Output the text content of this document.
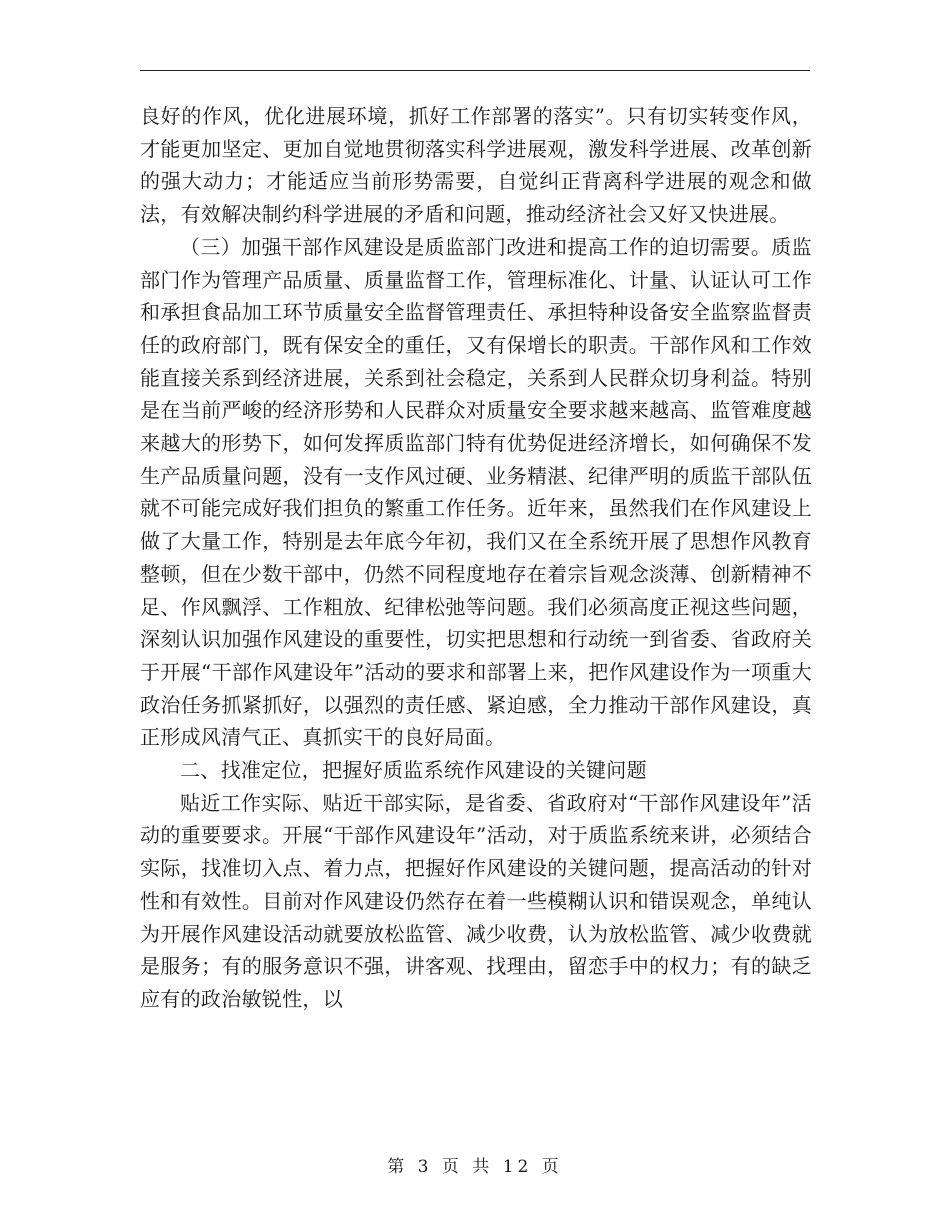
良好的作风，优化进展环境，抓好工作部署的落实”。只有切实转变作风，才能更加坚定、更加自觉地贯彻落实科学进展观，激发科学进展、改革创新的强大动力；才能适应当前形势需要，自觉纠正背离科学进展的观念和做法，有效解决制约科学进展的矛盾和问题，推动经济社会又好又快进展。

（三）加强干部作风建设是质监部门改进和提高工作的迫切需要。质监部门作为管理产品质量、质量监督工作，管理标准化、计量、认证认可工作和承担食品加工环节质量安全监督管理责任、承担特种设备安全监察监督责任的政府部门，既有保安全的重任，又有保增长的职责。干部作风和工作效能直接关系到经济进展，关系到社会稳定，关系到人民群众切身利益。特别是在当前严峻的经济形势和人民群众对质量安全要求越来越高、监管难度越来越大的形势下，如何发挥质监部门特有优势促进经济增长，如何确保不发生产品质量问题，没有一支作风过硬、业务精湛、纪律严明的质监干部队伍就不可能完成好我们担负的繁重工作任务。近年来，虽然我们在作风建设上做了大量工作，特别是去年底今年初，我们又在全系统开展了思想作风教育整顿，但在少数干部中，仍然不同程度地存在着宗旨观念淡薄、创新精神不足、作风飘浮、工作粗放、纪律松弛等问题。我们必须高度正视这些问题，深刻认识加强作风建设的重要性，切实把思想和行动统一到省委、省政府关于开展“干部作风建设年”活动的要求和部署上来，把作风建设作为一项重大政治任务抓紧抓好，以强烈的责任感、紧迫感，全力推动干部作风建设，真正形成风清气正、真抓实干的良好局面。

二、找准定位，把握好质监系统作风建设的关键问题

贴近工作实际、贴近干部实际，是省委、省政府对“干部作风建设年”活动的重要要求。开展“干部作风建设年”活动，对于质监系统来讲，必须结合实际，找准切入点、着力点，把握好作风建设的关键问题，提高活动的针对性和有效性。目前对作风建设仍然存在着一些模糊认识和错误观念，单纯认为开展作风建设活动就要放松监管、减少收费，认为放松监管、减少收费就是服务；有的服务意识不强，讲客观、找理由，留恋手中的权力；有的缺乏应有的政治敏锐性，以

第 3 页 共 12 页
